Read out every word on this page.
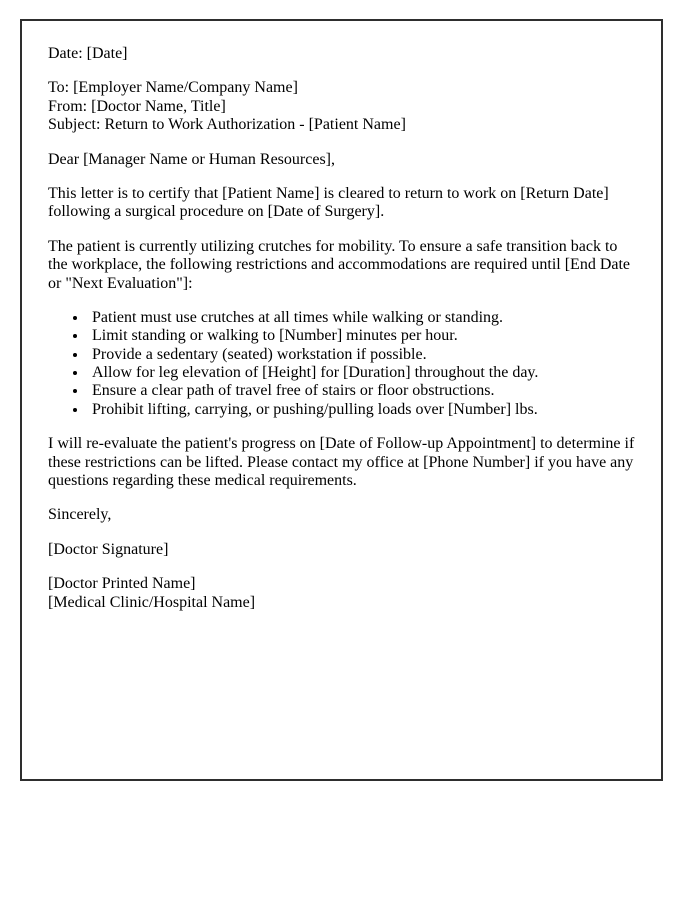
Date: [Date]

To: [Employer Name/Company Name]
From: [Doctor Name, Title]
Subject: Return to Work Authorization - [Patient Name]

Dear [Manager Name or Human Resources],

This letter is to certify that [Patient Name] is cleared to return to work on [Return Date] following a surgical procedure on [Date of Surgery].

The patient is currently utilizing crutches for mobility. To ensure a safe transition back to the workplace, the following restrictions and accommodations are required until [End Date or "Next Evaluation"]:

• Patient must use crutches at all times while walking or standing.
• Limit standing or walking to [Number] minutes per hour.
• Provide a sedentary (seated) workstation if possible.
• Allow for leg elevation of [Height] for [Duration] throughout the day.
• Ensure a clear path of travel free of stairs or floor obstructions.
• Prohibit lifting, carrying, or pushing/pulling loads over [Number] lbs.

I will re-evaluate the patient's progress on [Date of Follow-up Appointment] to determine if these restrictions can be lifted. Please contact my office at [Phone Number] if you have any questions regarding these medical requirements.

Sincerely,

[Doctor Signature]

[Doctor Printed Name]
[Medical Clinic/Hospital Name]
